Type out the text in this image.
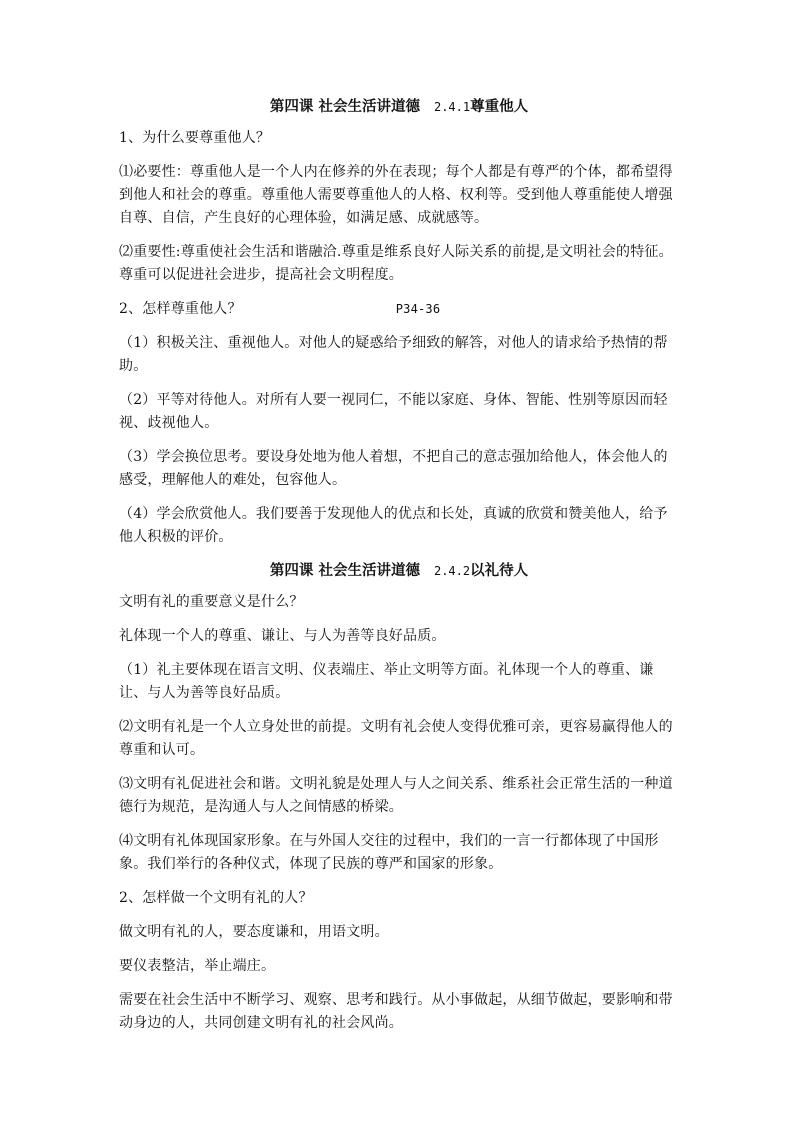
第四课 社会生活讲道德 2.4.1尊重他人

1、为什么要尊重他人？

⑴必要性：尊重他人是一个人内在修养的外在表现；每个人都是有尊严的个体，都希望得到他人和社会的尊重。尊重他人需要尊重他人的人格、权利等。受到他人尊重能使人增强自尊、自信，产生良好的心理体验，如满足感、成就感等。

⑵重要性:尊重使社会生活和谐融洽.尊重是维系良好人际关系的前提,是文明社会的特征。尊重可以促进社会进步，提高社会文明程度。

2、怎样尊重他人？	P34-36

（1）积极关注、重视他人。对他人的疑惑给予细致的解答，对他人的请求给予热情的帮助。

（2）平等对待他人。对所有人要一视同仁，不能以家庭、身体、智能、性别等原因而轻视、歧视他人。

（3）学会换位思考。要设身处地为他人着想，不把自己的意志强加给他人，体会他人的感受，理解他人的难处，包容他人。

（4）学会欣赏他人。我们要善于发现他人的优点和长处，真诚的欣赏和赞美他人，给予他人积极的评价。

第四课 社会生活讲道德 2.4.2以礼待人

文明有礼的重要意义是什么？

礼体现一个人的尊重、谦让、与人为善等良好品质。

（1）礼主要体现在语言文明、仪表端庄、举止文明等方面。礼体现一个人的尊重、谦让、与人为善等良好品质。

⑵文明有礼是一个人立身处世的前提。文明有礼会使人变得优雅可亲，更容易赢得他人的尊重和认可。

⑶文明有礼促进社会和谐。文明礼貌是处理人与人之间关系、维系社会正常生活的一种道德行为规范，是沟通人与人之间情感的桥梁。

⑷文明有礼体现国家形象。在与外国人交往的过程中，我们的一言一行都体现了中国形象。我们举行的各种仪式，体现了民族的尊严和国家的形象。

2、怎样做一个文明有礼的人？

做文明有礼的人，要态度谦和，用语文明。

要仪表整洁，举止端庄。

需要在社会生活中不断学习、观察、思考和践行。从小事做起，从细节做起，要影响和带动身边的人，共同创建文明有礼的社会风尚。
